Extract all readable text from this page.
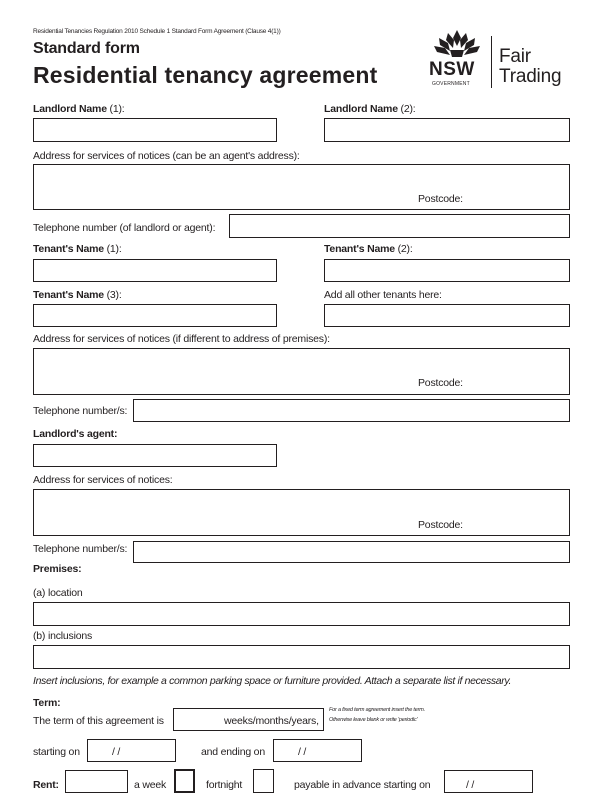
Residential Tenancies Regulation 2010 Schedule 1 Standard Form Agreement (Clause 4(1))
Standard form
Residential tenancy agreement	NSW
GOVERNMENT
Fair
Trading
Landlord Name (1):	Landlord Name (2):
Address for services of notices (can be an agent's address):
Postcode:
Telephone number (of landlord or agent):
Tenant's Name (1):	Tenant's Name (2):
Tenant's Name (3):	Add all other tenants here:
Address for services of notices (if different to address of premises):
Postcode:
Telephone number/s:
Landlord's agent:
Address for services of notices:
Postcode:
Telephone number/s:
Premises:
(a) location
(b) inclusions
Insert inclusions, for example a common parking space or furniture provided. Attach a separate list if necessary.
Term:
The term of this agreement is	weeks/months/years,
For a fixed term agreement insert the term.
Otherwise leave blank or write 'periodic'
starting on	/ /	and ending on	/ /
Rent:	a week	fortnight	payable in advance starting on	/ /
